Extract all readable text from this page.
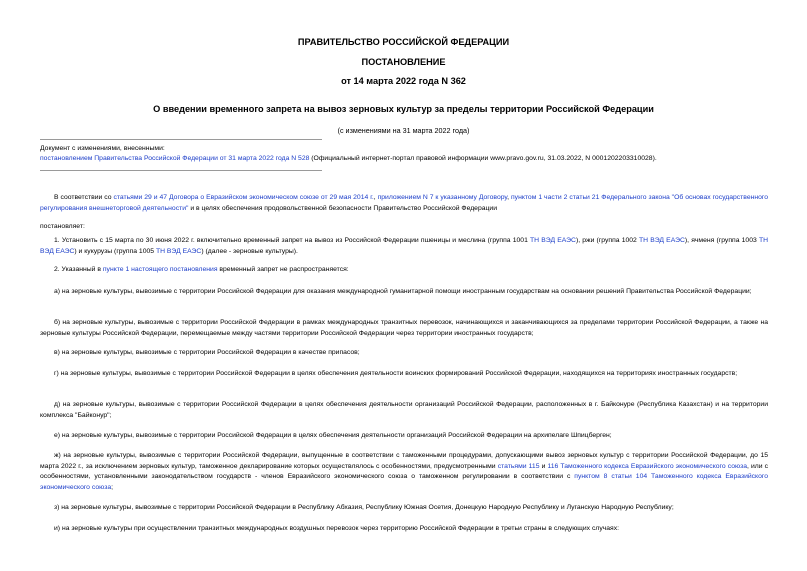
ПРАВИТЕЛЬСТВО РОССИЙСКОЙ ФЕДЕРАЦИИ
ПОСТАНОВЛЕНИЕ
от 14 марта 2022 года N 362
О введении временного запрета на вывоз зерновых культур за пределы территории Российской Федерации
(с изменениями на 31 марта 2022 года)
Документ с изменениями, внесенными:
постановлением Правительства Российской Федерации от 31 марта 2022 года N 528 (Официальный интернет-портал правовой информации www.pravo.gov.ru, 31.03.2022, N 0001202203310028).
В соответствии со статьями 29 и 47 Договора о Евразийском экономическом союзе от 29 мая 2014 г., приложением N 7 к указанному Договору, пунктом 1 части 2 статьи 21 Федерального закона "Об основах государственного регулирования внешнеторговой деятельности" и в целях обеспечения продовольственной безопасности Правительство Российской Федерации
постановляет:
1. Установить с 15 марта по 30 июня 2022 г. включительно временный запрет на вывоз из Российской Федерации пшеницы и меслина (группа 1001 ТН ВЭД ЕАЭС), ржи (группа 1002 ТН ВЭД ЕАЭС), ячменя (группа 1003 ТН ВЭД ЕАЭС) и кукурузы (группа 1005 ТН ВЭД ЕАЭС) (далее - зерновые культуры).
2. Указанный в пункте 1 настоящего постановления временный запрет не распространяется:
а) на зерновые культуры, вывозимые с территории Российской Федерации для оказания международной гуманитарной помощи иностранным государствам на основании решений Правительства Российской Федерации;
б) на зерновые культуры, вывозимые с территории Российской Федерации в рамках международных транзитных перевозок, начинающихся и заканчивающихся за пределами территории Российской Федерации, а также на зерновые культуры Российской Федерации, перемещаемые между частями территории Российской Федерации через территории иностранных государств;
в) на зерновые культуры, вывозимые с территории Российской Федерации в качестве припасов;
г) на зерновые культуры, вывозимые с территории Российской Федерации в целях обеспечения деятельности воинских формирований Российской Федерации, находящихся на территориях иностранных государств;
д) на зерновые культуры, вывозимые с территории Российской Федерации в целях обеспечения деятельности организаций Российской Федерации, расположенных в г. Байконуре (Республика Казахстан) и на территории комплекса "Байконур";
е) на зерновые культуры, вывозимые с территории Российской Федерации в целях обеспечения деятельности организаций Российской Федерации на архипелаге Шпицберген;
ж) на зерновые культуры, вывозимые с территории Российской Федерации, выпущенные в соответствии с таможенными процедурами, допускающими вывоз зерновых культур с территории Российской Федерации, до 15 марта 2022 г., за исключением зерновых культур, таможенное декларирование которых осуществлялось с особенностями, предусмотренными статьями 115 и 116 Таможенного кодекса Евразийского экономического союза, или с особенностями, установленными законодательством государств - членов Евразийского экономического союза о таможенном регулировании в соответствии с пунктом 8 статьи 104 Таможенного кодекса Евразийского экономического союза;
з) на зерновые культуры, вывозимые с территории Российской Федерации в Республику Абхазия, Республику Южная Осетия, Донецкую Народную Республику и Луганскую Народную Республику;
и) на зерновые культуры при осуществлении транзитных международных воздушных перевозок через территорию Российской Федерации в третьи страны в следующих случаях:
